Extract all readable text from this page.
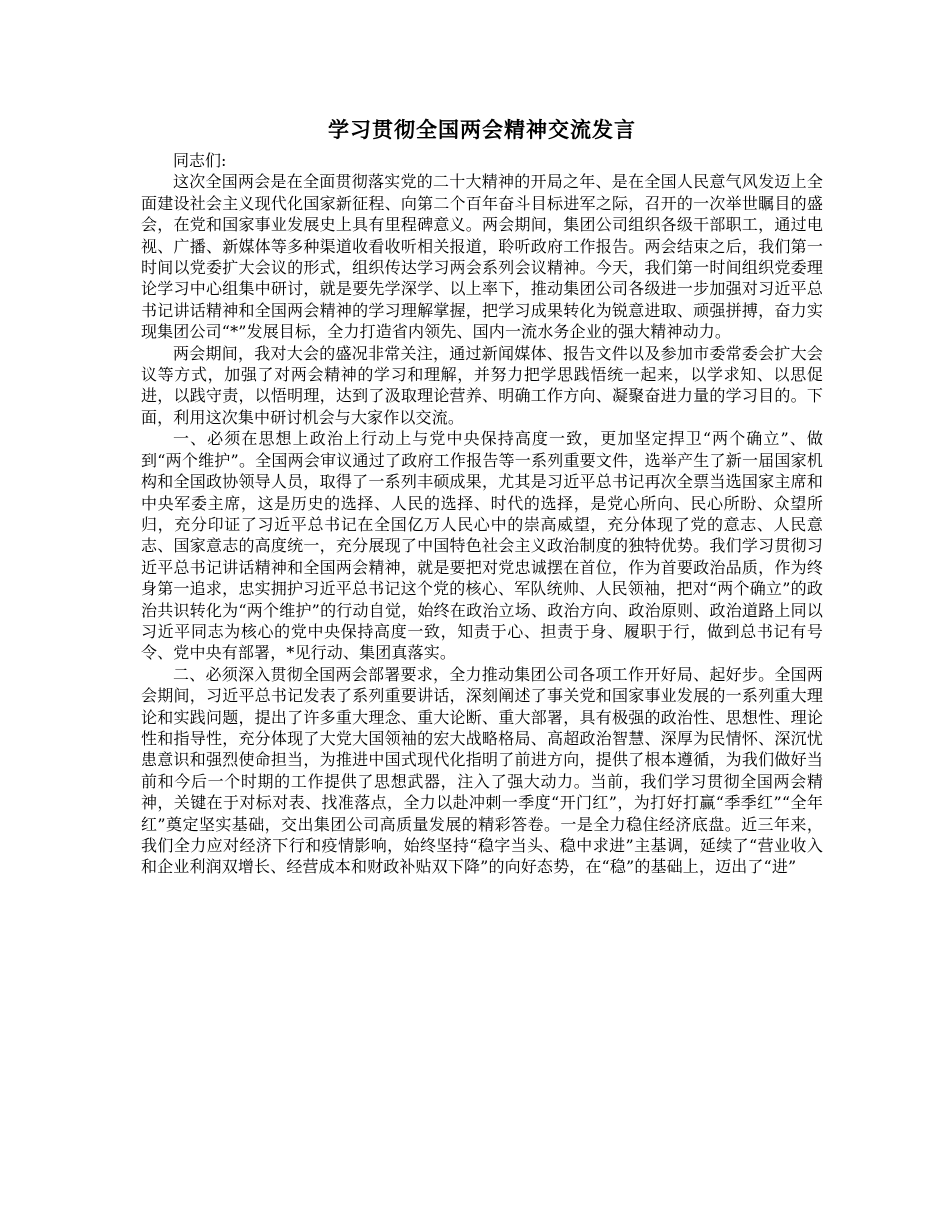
学习贯彻全国两会精神交流发言

同志们:

这次全国两会是在全面贯彻落实党的二十大精神的开局之年、是在全国人民意气风发迈上全面建设社会主义现代化国家新征程、向第二个百年奋斗目标进军之际，召开的一次举世瞩目的盛会，在党和国家事业发展史上具有里程碑意义。两会期间，集团公司组织各级干部职工，通过电视、广播、新媒体等多种渠道收看收听相关报道，聆听政府工作报告。两会结束之后，我们第一时间以党委扩大会议的形式，组织传达学习两会系列会议精神。今天，我们第一时间组织党委理论学习中心组集中研讨，就是要先学深学、以上率下，推动集团公司各级进一步加强对习近平总书记讲话精神和全国两会精神的学习理解掌握，把学习成果转化为锐意进取、顽强拼搏，奋力实现集团公司“*”发展目标，全力打造省内领先、国内一流水务企业的强大精神动力。

两会期间，我对大会的盛况非常关注，通过新闻媒体、报告文件以及参加市委常委会扩大会议等方式，加强了对两会精神的学习和理解，并努力把学思践悟统一起来，以学求知、以思促进，以践守责，以悟明理，达到了汲取理论营养、明确工作方向、凝聚奋进力量的学习目的。下面，利用这次集中研讨机会与大家作以交流。

一、必须在思想上政治上行动上与党中央保持高度一致，更加坚定捍卫“两个确立”、做到“两个维护”。全国两会审议通过了政府工作报告等一系列重要文件，选举产生了新一届国家机构和全国政协领导人员，取得了一系列丰硕成果，尤其是习近平总书记再次全票当选国家主席和中央军委主席，这是历史的选择、人民的选择、时代的选择，是党心所向、民心所盼、众望所归，充分印证了习近平总书记在全国亿万人民心中的崇高威望，充分体现了党的意志、人民意志、国家意志的高度统一，充分展现了中国特色社会主义政治制度的独特优势。我们学习贯彻习近平总书记讲话精神和全国两会精神，就是要把对党忠诚摆在首位，作为首要政治品质，作为终身第一追求，忠实拥护习近平总书记这个党的核心、军队统帅、人民领袖，把对“两个确立”的政治共识转化为“两个维护”的行动自觉，始终在政治立场、政治方向、政治原则、政治道路上同以习近平同志为核心的党中央保持高度一致，知责于心、担责于身、履职于行，做到总书记有号令、党中央有部署，*见行动、集团真落实。

二、必须深入贯彻全国两会部署要求，全力推动集团公司各项工作开好局、起好步。全国两会期间，习近平总书记发表了系列重要讲话，深刻阐述了事关党和国家事业发展的一系列重大理论和实践问题，提出了许多重大理念、重大论断、重大部署，具有极强的政治性、思想性、理论性和指导性，充分体现了大党大国领袖的宏大战略格局、高超政治智慧、深厚为民情怀、深沉忧患意识和强烈使命担当，为推进中国式现代化指明了前进方向，提供了根本遵循，为我们做好当前和今后一个时期的工作提供了思想武器，注入了强大动力。当前，我们学习贯彻全国两会精神，关键在于对标对表、找准落点，全力以赴冲刺一季度“开门红”，为打好打赢“季季红”“全年红”奠定坚实基础，交出集团公司高质量发展的精彩答卷。一是全力稳住经济底盘。近三年来，我们全力应对经济下行和疫情影响，始终坚持“稳字当头、稳中求进”主基调，延续了“营业收入和企业利润双增长、经营成本和财政补贴双下降”的向好态势，在“稳”的基础上，迈出了“进”
